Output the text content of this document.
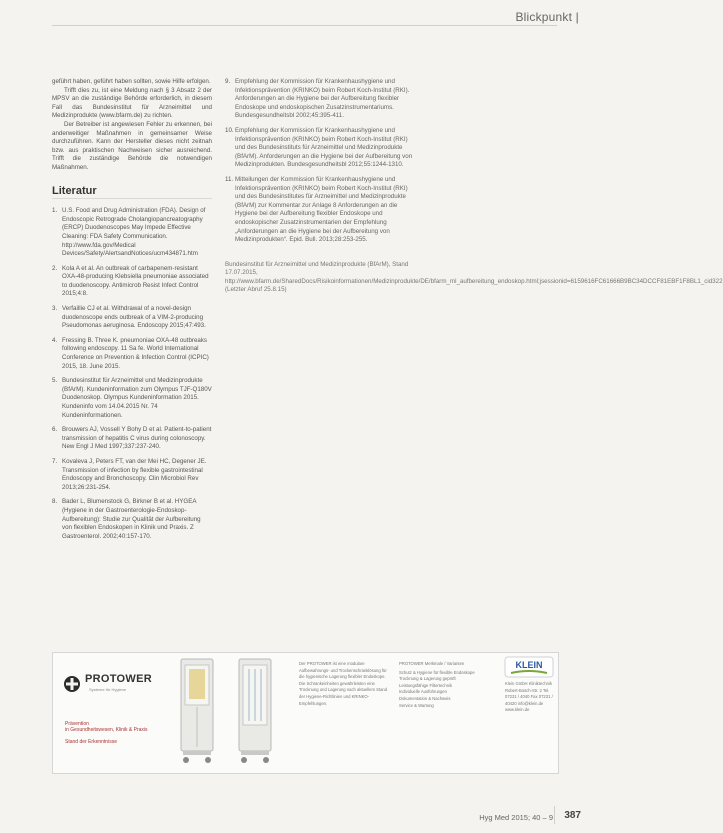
Blickpunkt |

geführt haben, geführt haben sollten, sowie Hilfe erfolgen.

Trifft dies zu, ist eine Meldung nach § 3 Absatz 2 der MPSV an die zuständige Behörde erforderlich, in diesem Fall das Bundesinstitut für Arzneimittel und Medizinprodukte (www.bfarm.de) zu richten.

Der Betreiber ist angewiesen Fehler zu erkennen, bei anderweitiger Maßnahmen in gemeinsamer Weise durchzuführen. Kann der Hersteller dieses nicht zeitnah bzw. aus praktischen Nachweisen sicher ausreichend. Trifft die zuständige Behörde die notwendigen Maßnahmen.

Literatur
1. U.S. Food and Drug Administration (FDA). Design of Endoscopic Retrograde Cholangiopancreatography (ERCP) Duodenoscopes May Impede Effective Cleaning: FDA Safety Communication. http://www.fda.gov/Medical Devices/Safety/AlertsandNotices/ucm434871.htm
2. Kola A et al. An outbreak of carbapenem-resistant OXA-48-producing Klebsiella pneumoniae associated to duodenoscopy. Antimicrob Resist Infect Control 2015;4:8.
3. Verfaillie CJ et al. Withdrawal of a novel-design duodenoscope ends outbreak of a VIM-2-producing Pseudomonas aeruginosa. Endoscopy 2015;47:493.
4. Fressing B. Three K. pneumoniae OXA-48 outbreaks following endoscopy. 11 Sa fe. World International Conference on Prevention & Infection Control (ICPIC) 2015, 18. June 2015.
5. Bundesinstitut für Arzneimittel und Medizinprodukte (BfArM). Kundeninformation zum Olympus TJF-Q180V Duodenoskop. Olympus Kundeninformation 2015. Kundeninfo vom 14.04.2015 Nr. 74 Kundeninformationen.
6. Brouwers AJ, Vossell Y Bohy D et al. Patient-to-patient transmission of hepatitis C virus during colonoscopy. New Engl J Med 1997;337:237-240.
7. Kovaleva J, Peters FT, van der Mei HC, Degener JE. Transmission of infection by flexible gastrointestinal Endoscopy and Bronchoscopy. Clin Microbiol Rev 2013;26:231-254.
8. Bader L, Blumenstock G, Birkner B et al. HYGEA (Hygiene in der Gastroenterologie-Endoskop-Aufbereitung): Studie zur Qualität der Aufbereitung von flexiblen Endoskopen in Klinik und Praxis. Z Gastroenterol. 2002;40:157-170.
9. Empfehlung der Kommission für Krankenhaushygiene und Infektionsprävention (KRINKO) beim Robert Koch-Institut (RKI). Anforderungen an die Hygiene bei der Aufbereitung flexibler Endoskope und endoskopischen Zusatzinstrumentariums. Bundesgesundheitsbl 2002;45:395-411.
10. Empfehlung der Kommission für Krankenhaushygiene und Infektionsprävention (KRINKO) beim Robert Koch-Institut (RKI) und des Bundesinstituts für Arzneimittel und Medizinprodukte (BfArM). Anforderungen an die Hygiene bei der Aufbereitung von Medizinprodukten. Bundesgesundheitsbl 2012;55:1244-1310.
11. Mitteilungen der Kommission für Krankenhaushygiene und Infektionsprävention (KRINKO) beim Robert Koch-Institut (RKI) und des Bundesinstitutes für Arzneimittel und Medizinprodukte (BfArM) zur Kommentar zur Anlage 8 Anforderungen an die Hygiene bei der Aufbereitung flexibler Endoskope und endoskopischer Zusatzinstrumentarien der Empfehlung „Anforderungen an die Hygiene bei der Aufbereitung von Medizinprodukten“. Epid. Bull. 2013;28:253-255.

Bundesinstitut für Arzneimittel und Medizinprodukte (BfArM), Stand 17.07.2015, http://www.bfarm.de/SharedDocs/Risikoinformationen/Medizinprodukte/DE/bfarm_ml_aufbereitung_endoskop.html;jsessionid=6159616FC61666B9BC34DCCF81EBF1F8BL1_cid322 (Letzter Abruf 25.8.15)

PROTOWER
Systeme für Hygiene
Prävention
in Gesundheitswesen, Klinik & Praxis
Stand der Erkenntnisse
Der PROTOWER ist eine modulare Aufbewahrungs- und Trockenschranklösung für die hygienische Lagerung flexibler Endoskope. Die Schrankeinheiten gewährleisten eine Trocknung und Lagerung nach aktuellem Stand der Hygiene-Richtlinien und KRINKO-Empfehlungen.
PROTOWER Merkmale / Varianten
Schutz & Hygiene für flexible Endoskope
Trocknung & Lagerung geprüft
Leistungsfähige Filtertechnik
Individuelle Ausführungen
Dokumentation & Nachweis
Service & Wartung
KLEIN
Klein GmbH Kliniktechnik Robert-Bosch-Str. 2 Tel. 07231 / 4040 Fax 07231 / 40420 info@klein.de www.klein.de
Hyg Med 2015; 40 – 9 387
